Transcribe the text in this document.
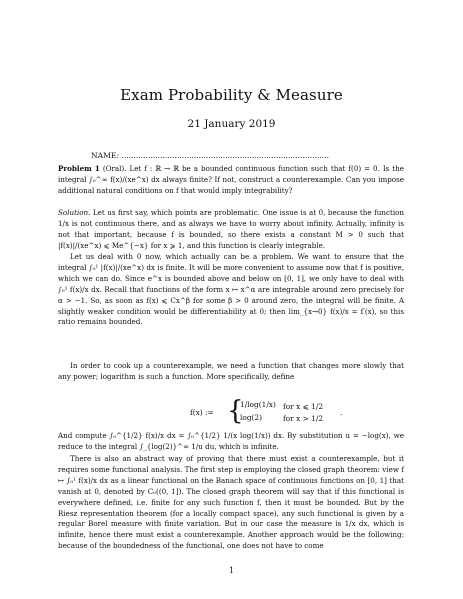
Exam Probability & Measure
21 January 2019
NAME: ......................................................................................

Problem 1 (Oral). Let f : ℝ → ℝ be a bounded continuous function such that f(0) = 0. Is the integral ∫₀^∞ f(x)/(xe^x) dx always finite? If not, construct a counterexample. Can you impose additional natural conditions on f that would imply integrability?

Solution. Let us first say, which points are problematic. One issue is at 0, because the function 1/x is not continuous there, and as always we have to worry about infinity. Actually, infinity is not that important, because f is bounded, so there exists a constant M > 0 such that |f(x)|/(xe^x) ⩽ Me^{−x} for x ⩾ 1, and this function is clearly integrable.

Let us deal with 0 now, which actually can be a problem. We want to ensure that the integral ∫₀¹ |f(x)|/(xe^x) dx is finite. It will be more convenient to assume now that f is positive, which we can do. Since e^x is bounded above and below on [0, 1], we only have to deal with ∫₀¹ f(x)/x dx. Recall that functions of the form x ↦ x^α are integrable around zero precisely for α > −1. So, as soon as f(x) ⩽ Cx^β for some β > 0 around zero, the integral will be finite. A slightly weaker condition would be differentiability at 0; then lim_{x→0} f(x)/x = f′(x), so this ratio remains bounded.

In order to cook up a counterexample, we need a function that changes more slowly that any power; logarithm is such a function. More specifically, define

f(x) := {
1/log(1/x) for x ⩽ 1/2
log(2)	for x > 1/2
.

And compute ∫₀^{1/2} f(x)/x dx = ∫₀^{1/2} 1/(x log(1/x)) dx. By substitution u = −log(x), we reduce to the integral ∫_{log(2)}^∞ 1/u du, which is infinite.

There is also an abstract way of proving that there must exist a counterexample, but it requires some functional analysis. The first step is employing the closed graph theorem: view f ↦ ∫₀¹ f(x)/x dx as a linear functional on the Banach space of continuous functions on [0, 1] that vanish at 0, denoted by C₀((0, 1]). The closed graph theorem will say that if this functional is everywhere defined, i.e. finite for any such function f, then it must be bounded. But by the Riesz representation theorem (for a locally compact space), any such functional is given by a regular Borel measure with finite variation. But in our case the measure is 1/x dx, which is infinite, hence there must exist a counterexample. Another approach would be the following: because of the boundedness of the functional, one does not have to come

1
